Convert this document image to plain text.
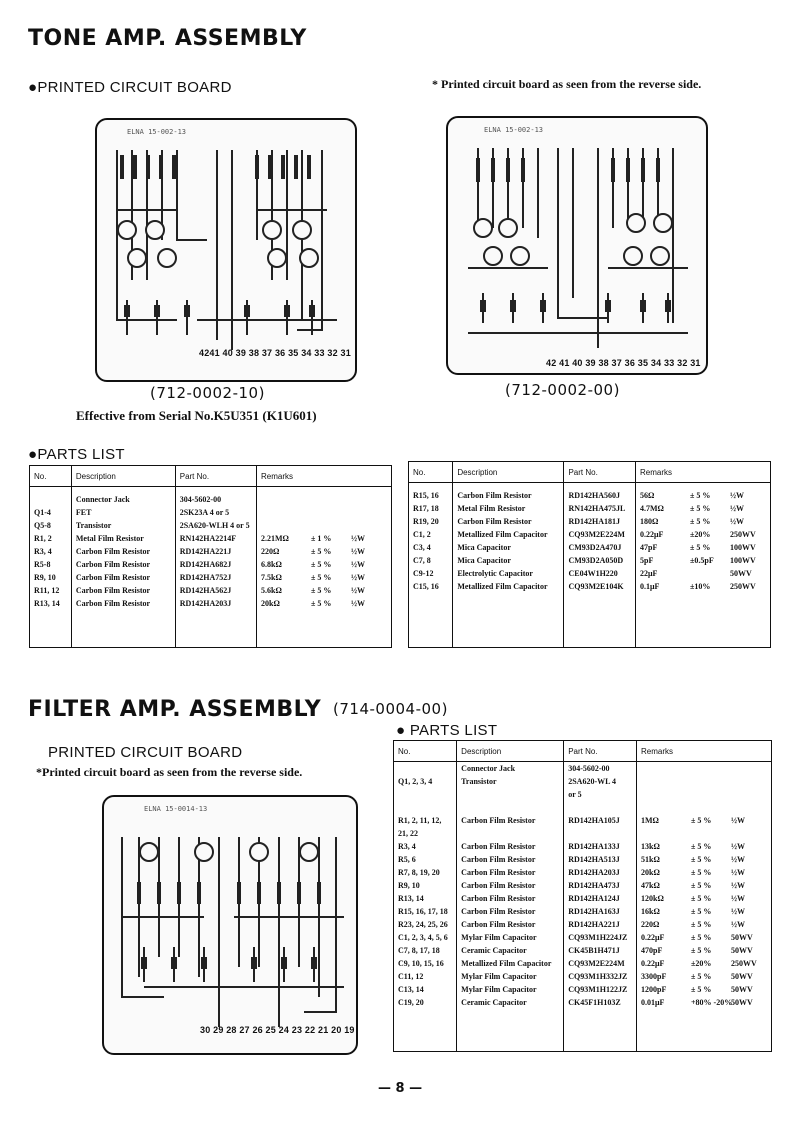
TONE AMP. ASSEMBLY
●PRINTED CIRCUIT BOARD	* Printed circuit board as seen from the reverse side.
ELNA 15-002-13
4241 40 39 38 37 36 35 34 33 32 31
(712-0002-10)
Effective from Serial No.K5U351 (K1U601)
ELNA 15-002-13
42 41 40 39 38 37 36 35 34 33 32 31
(712-0002-00)
●PARTS LIST
No.	Description	Part No.	Remarks

	Connector Jack	304-5602-00	
Q1-4	FET	2SK23A 4 or 5	
Q5-8	Transistor	2SA620-WLH 4 or 5	
R1, 2	Metal Film Resistor	RN142HA2214F	2.21MΩ ± 1 % ½W
R3, 4	Carbon Film Resistor	RD142HA221J	220Ω ± 5 % ½W
R5-8	Carbon Film Resistor	RD142HA682J	6.8kΩ ± 5 % ½W
R9, 10	Carbon Film Resistor	RD142HA752J	7.5kΩ ± 5 % ½W
R11, 12	Carbon Film Resistor	RD142HA562J	5.6kΩ ± 5 % ½W
R13, 14	Carbon Film Resistor	RD142HA203J	20kΩ ± 5 % ½W

No.	Description	Part No.	Remarks

R15, 16	Carbon Film Resistor	RD142HA560J	56Ω ± 5 % ½W
R17, 18	Metal Film Resistor	RN142HA475JL	4.7MΩ ± 5 % ½W
R19, 20	Carbon Film Resistor	RD142HA181J	180Ω ± 5 % ½W
C1, 2	Metallized Film Capacitor	CQ93M2E224M	0.22μF ±20% 250WV
C3, 4	Mica Capacitor	CM93D2A470J	47pF ± 5 % 100WV
C7, 8	Mica Capacitor	CM93D2A050D	5pF ±0.5pF 100WV
C9-12	Electrolytic Capacitor	CE04W1H220	22μF 50WV
C15, 16	Metallized Film Capacitor	CQ93M2E104K	0.1μF ±10% 250WV

FILTER AMP. ASSEMBLY (714-0004-00)
PRINTED CIRCUIT BOARD
*Printed circuit board as seen from the reverse side.
● PARTS LIST
ELNA 15-0014-13
30 29 28 27 26 25 24 23 22 21 20 19
No.	Description	Part No.	Remarks
	Connector Jack	304-5602-00	
Q1, 2, 3, 4	Transistor	2SA620-WL 4	
		or 5	

R1, 2, 11, 12,	Carbon Film Resistor	RD142HA105J	1MΩ ± 5 % ½W
21, 22			
R3, 4	Carbon Film Resistor	RD142HA133J	13kΩ ± 5 % ½W
R5, 6	Carbon Film Resistor	RD142HA513J	51kΩ ± 5 % ½W
R7, 8, 19, 20	Carbon Film Resistor	RD142HA203J	20kΩ ± 5 % ½W
R9, 10	Carbon Film Resistor	RD142HA473J	47kΩ ± 5 % ½W
R13, 14	Carbon Film Resistor	RD142HA124J	120kΩ ± 5 % ½W
R15, 16, 17, 18	Carbon Film Resistor	RD142HA163J	16kΩ ± 5 % ½W
R23, 24, 25, 26	Carbon Film Resistor	RD142HA221J	220Ω ± 5 % ½W
C1, 2, 3, 4, 5, 6	Mylar Film Capacitor	CQ93M1H224JZ	0.22μF ± 5 % 50WV
C7, 8, 17, 18	Ceramic Capacitor	CK45B1H471J	470pF ± 5 % 50WV
C9, 10, 15, 16	Metallized Film Capacitor	CQ93M2E224M	0.22μF ±20% 250WV
C11, 12	Mylar Film Capacitor	CQ93M1H332JZ	3300pF ± 5 % 50WV
C13, 14	Mylar Film Capacitor	CQ93M1H122JZ	1200pF ± 5 % 50WV
C19, 20	Ceramic Capacitor	CK45F1H103Z	0.01μF +80% -20%50WV

— 8 —
